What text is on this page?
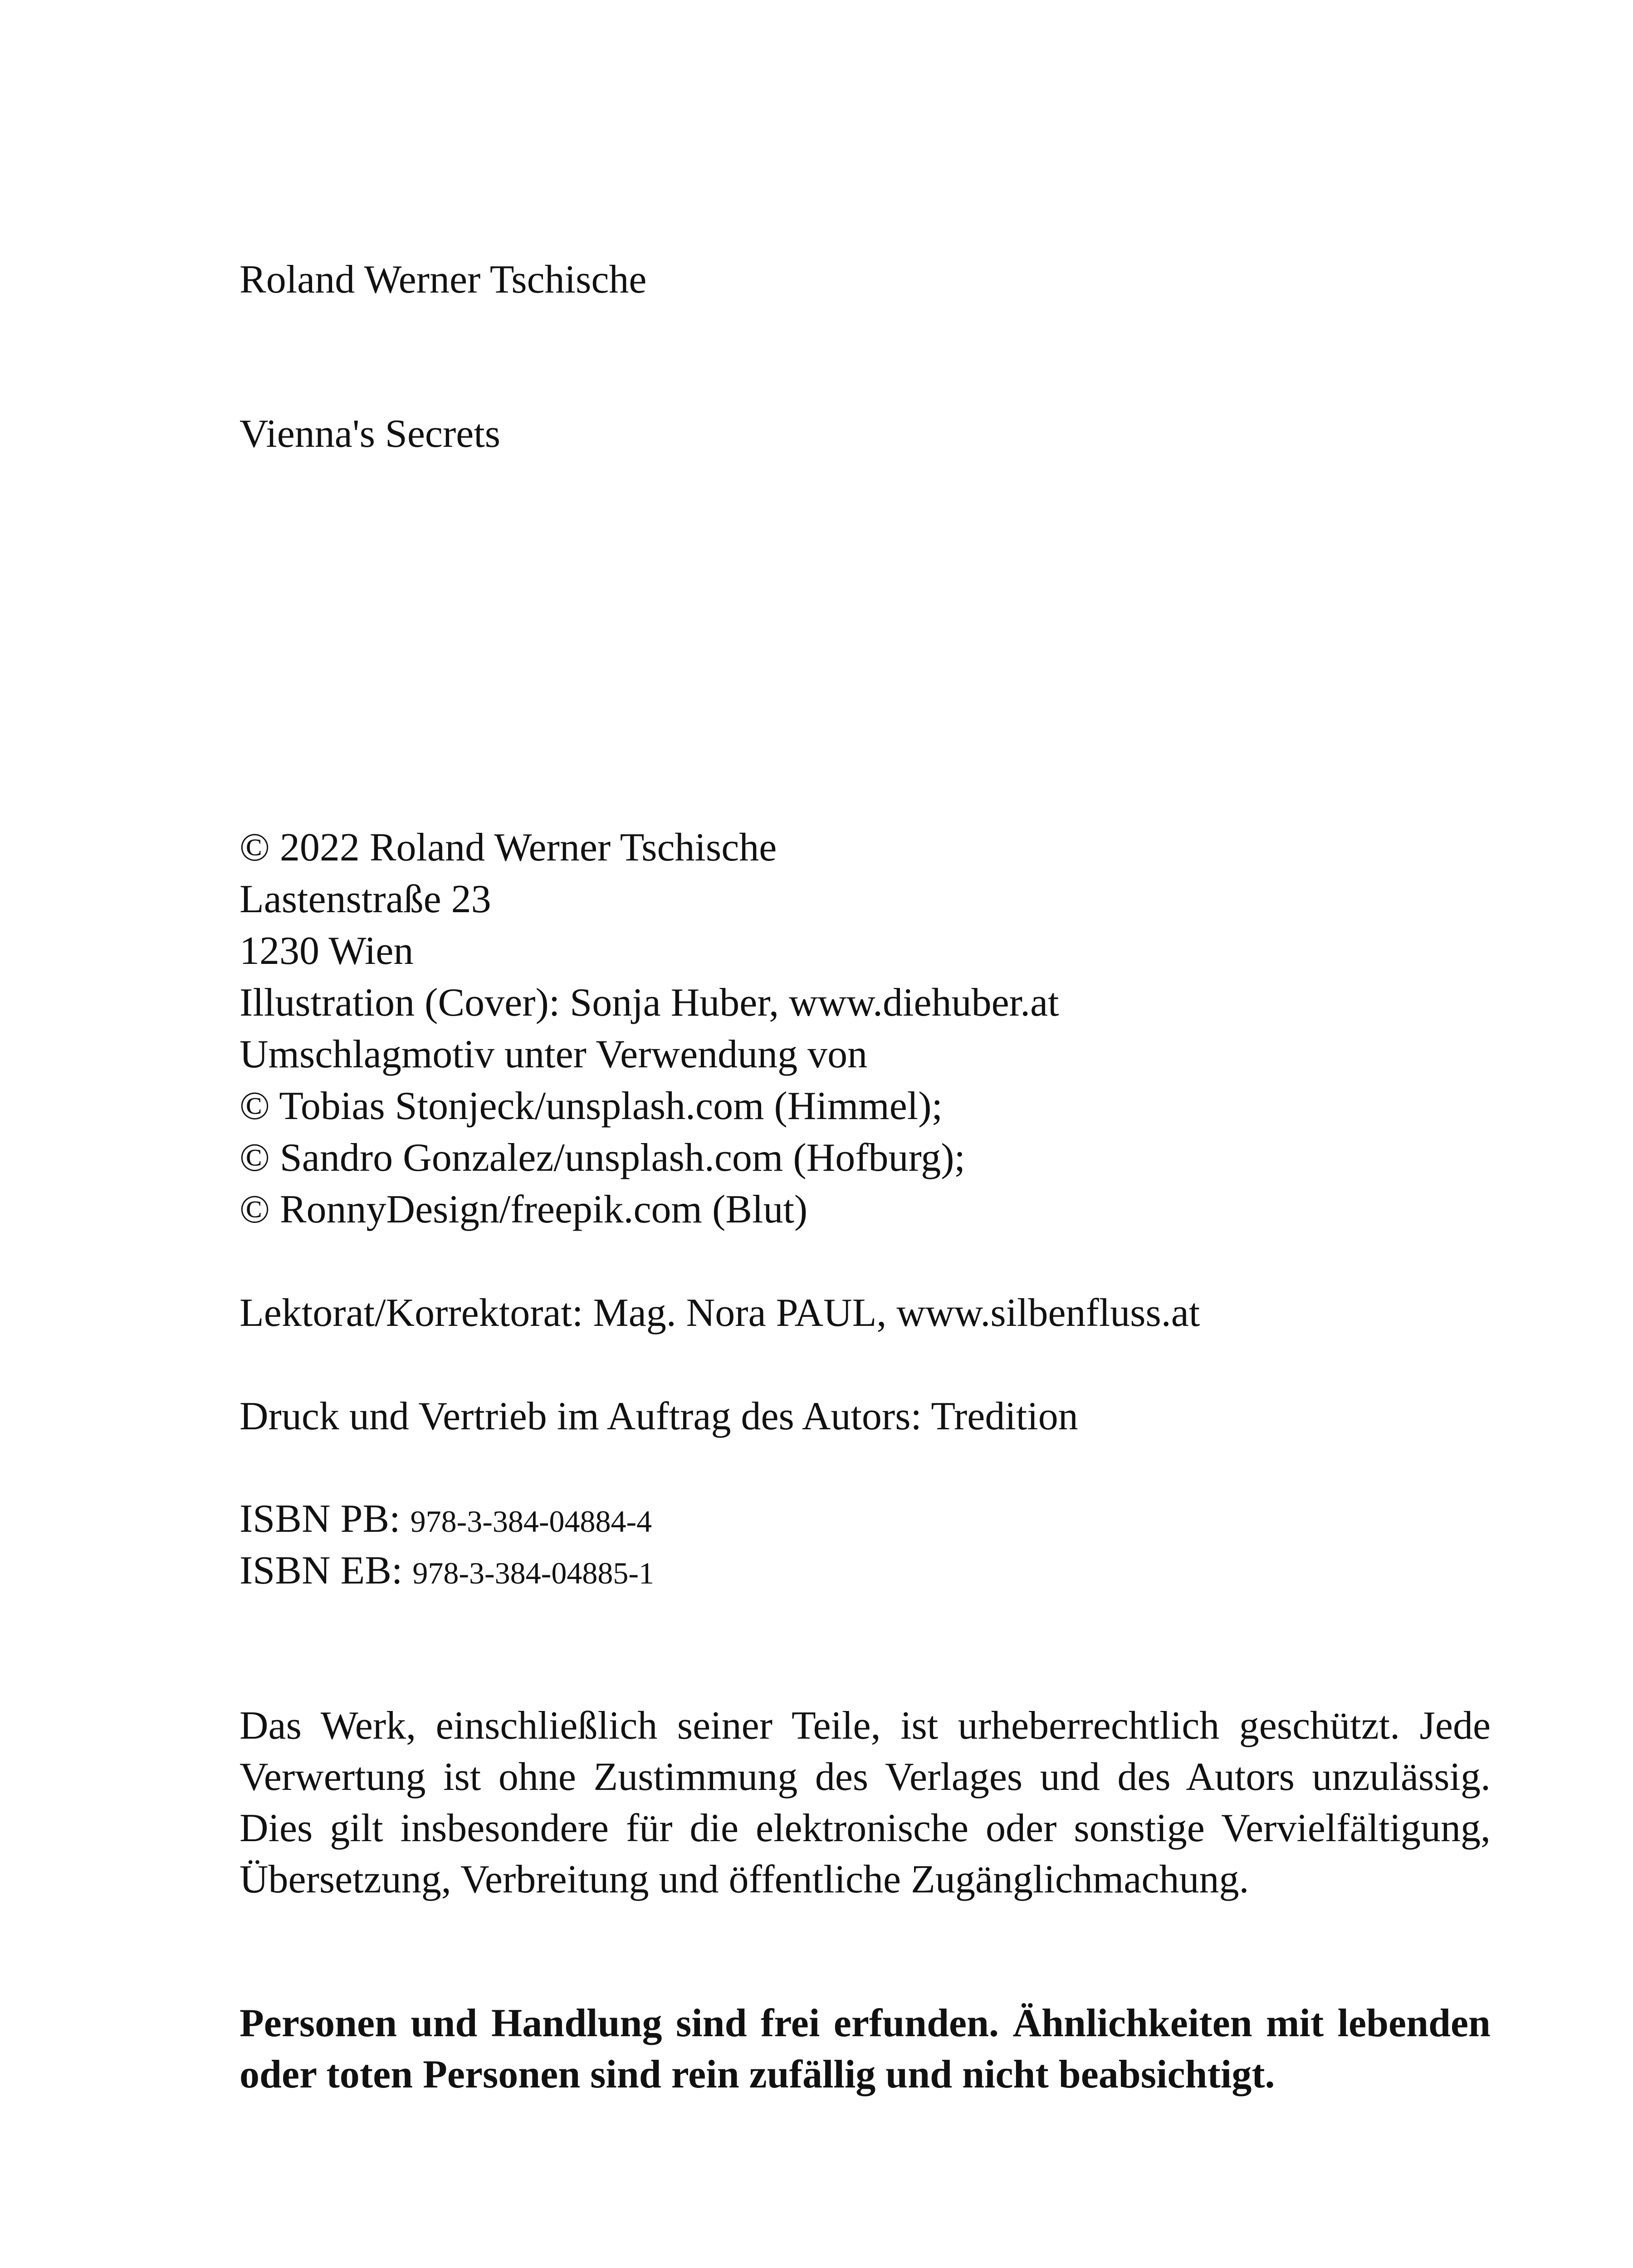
Roland Werner Tschische
Vienna's Secrets
© 2022 Roland Werner Tschische
Lastenstraße 23
1230 Wien
Illustration (Cover): Sonja Huber, www.diehuber.at
Umschlagmotiv unter Verwendung von
© Tobias Stonjeck/unsplash.com (Himmel);
© Sandro Gonzalez/unsplash.com (Hofburg);
© RonnyDesign/freepik.com (Blut)
Lektorat/Korrektorat: Mag. Nora PAUL, www.silbenfluss.at
Druck und Vertrieb im Auftrag des Autors: Tredition
ISBN PB: 978-3-384-04884-4
ISBN EB: 978-3-384-04885-1
Das Werk, einschließlich seiner Teile, ist urheberrechtlich geschützt. Jede Verwertung ist ohne Zustimmung des Verlages und des Autors unzulässig. Dies gilt insbesondere für die elektronische oder sonstige Vervielfältigung, Übersetzung, Verbreitung und öffentliche Zugänglichmachung.
Personen und Handlung sind frei erfunden. Ähnlichkeiten mit lebenden oder toten Personen sind rein zufällig und nicht beabsichtigt.
